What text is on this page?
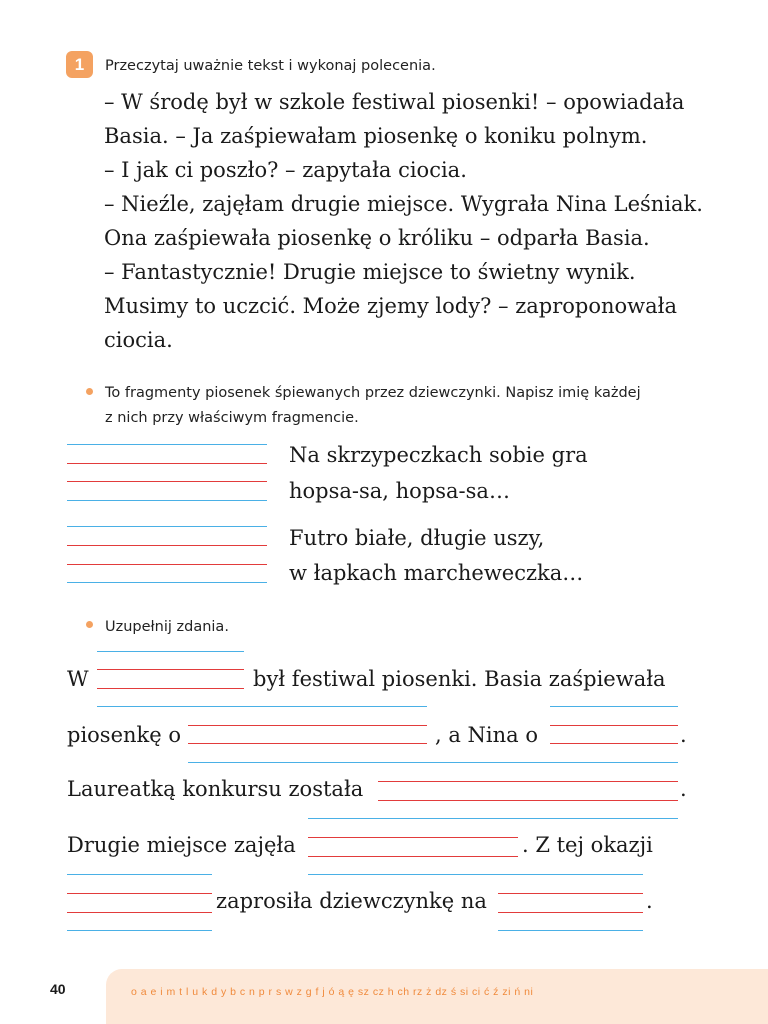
1	Przeczytaj uważnie tekst i wykonaj polecenia.
– W środę był w szkole festiwal piosenki! – opowiadała
Basia. – Ja zaśpiewałam piosenkę o koniku polnym.
– I jak ci poszło? – zapytała ciocia.
– Nieźle, zajęłam drugie miejsce. Wygrała Nina Leśniak.
Ona zaśpiewała piosenkę o króliku – odparła Basia.
– Fantastycznie! Drugie miejsce to świetny wynik.
Musimy to uczcić. Może zjemy lody? – zaproponowała
ciocia.
To fragmenty piosenek śpiewanych przez dziewczynki. Napisz imię każdej
z nich przy właściwym fragmencie.
Na skrzypeczkach sobie gra
hopsa-sa, hopsa-sa…
Futro białe, długie uszy,
w łapkach marcheweczka…
Uzupełnij zdania.
W	był festiwal piosenki. Basia zaśpiewała
piosenkę o	, a Nina o	.
Laureatką konkursu została	.
Drugie miejsce zajęła	. Z tej okazji
zaprosiła dziewczynkę na	.
40	o a e i m t l u k d y b c n p r s w z g f j ó ą ę sz cz h ch rz ż dz ś si ci ć ź zi ń ni
